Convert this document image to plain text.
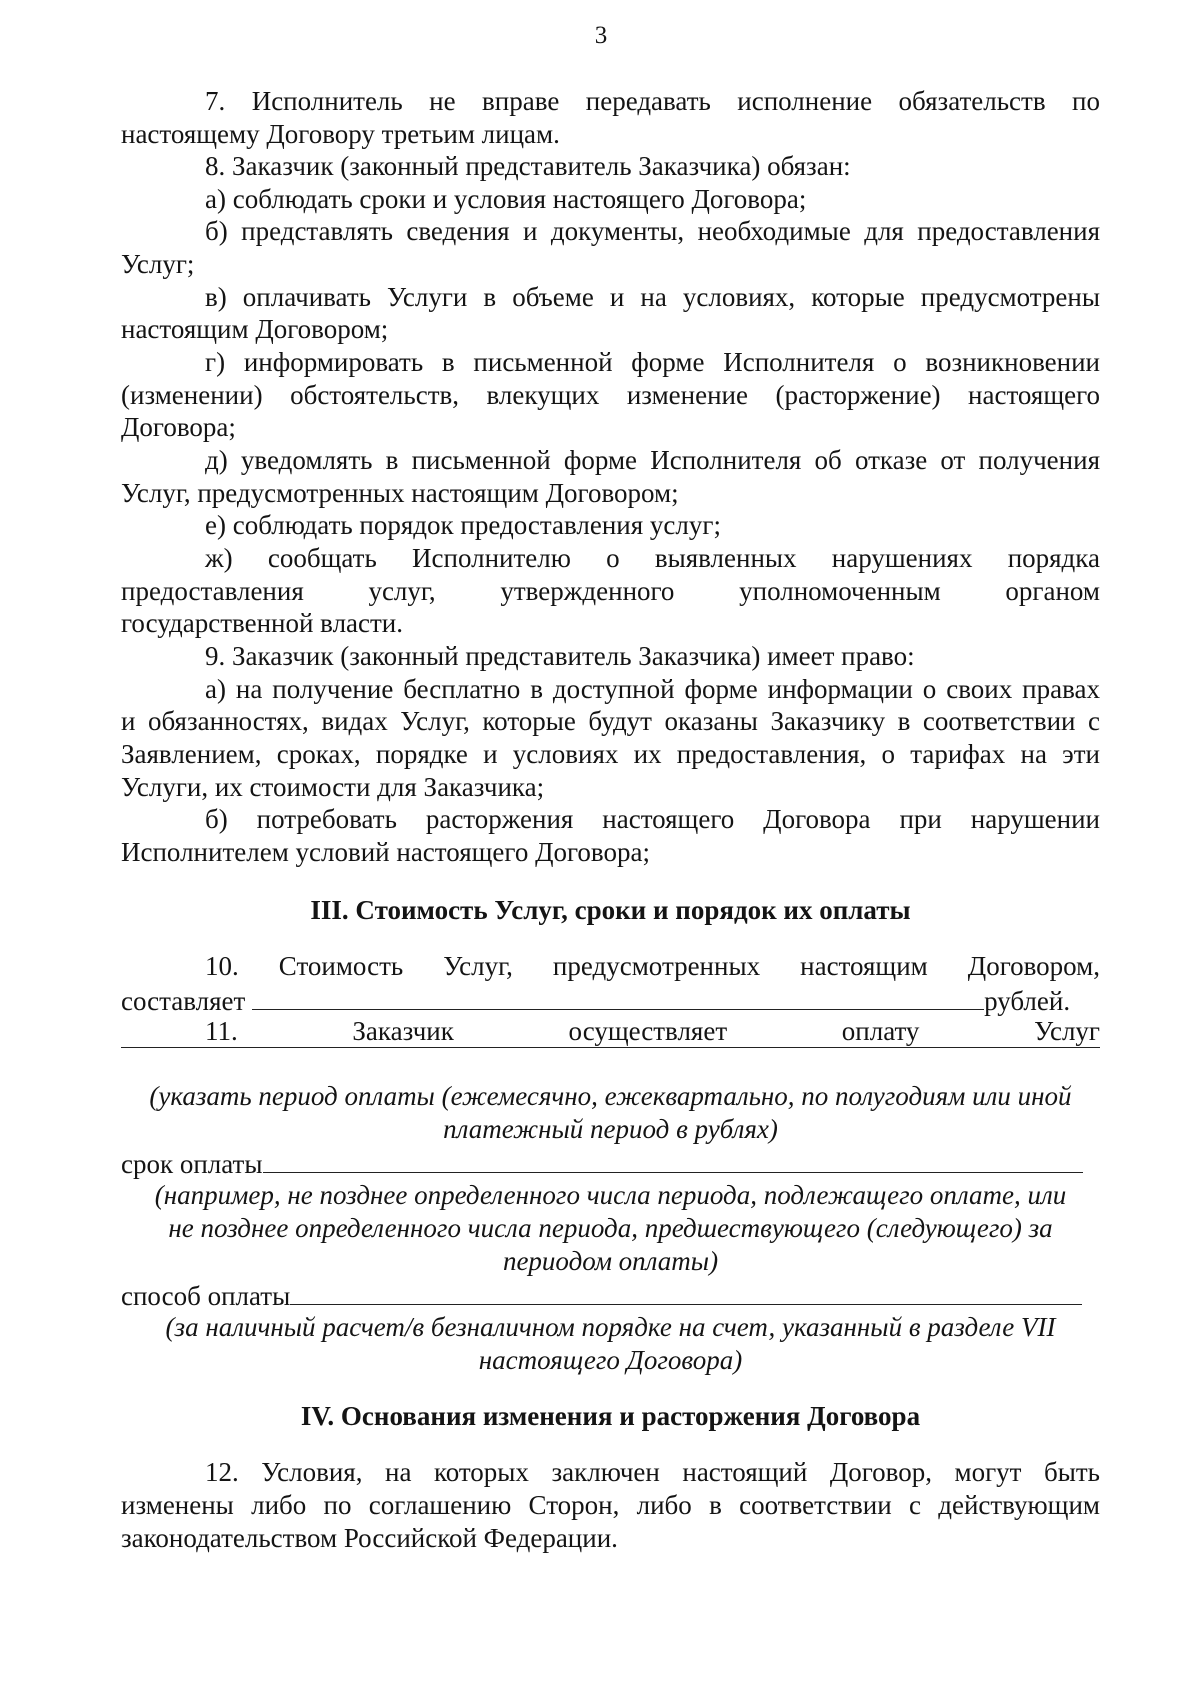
3
7. Исполнитель не вправе передавать исполнение обязательств по
настоящему Договору третьим лицам.
8. Заказчик (законный представитель Заказчика) обязан:
а) соблюдать сроки и условия настоящего Договора;
б) представлять сведения и документы, необходимые для предоставления
Услуг;
в) оплачивать Услуги в объеме и на условиях, которые предусмотрены
настоящим Договором;
г) информировать в письменной форме Исполнителя о возникновении
(изменении) обстоятельств, влекущих изменение (расторжение) настоящего
Договора;
д) уведомлять в письменной форме Исполнителя об отказе от получения
Услуг, предусмотренных настоящим Договором;
е) соблюдать порядок предоставления услуг;
ж) сообщать Исполнителю о выявленных нарушениях порядка
предоставления услуг, утвержденного уполномоченным органом
государственной власти.
9. Заказчик (законный представитель Заказчика) имеет право:
а) на получение бесплатно в доступной форме информации о своих правах
и обязанностях, видах Услуг, которые будут оказаны Заказчику в соответствии с
Заявлением, сроках, порядке и условиях их предоставления, о тарифах на эти
Услуги, их стоимости для Заказчика;
б) потребовать расторжения настоящего Договора при нарушении
Исполнителем условий настоящего Договора;
III. Стоимость Услуг, сроки и порядок их оплаты
10. Стоимость Услуг, предусмотренных настоящим Договором,
составляет	рублей.
11. Заказчик осуществляет оплату Услуг
(указать период оплаты (ежемесячно, ежеквартально, по полугодиям или иной
платежный период в рублях)
срок оплаты
(например, не позднее определенного числа периода, подлежащего оплате, или
не позднее определенного числа периода, предшествующего (следующего) за
периодом оплаты)
способ оплаты
(за наличный расчет/в безналичном порядке на счет, указанный в разделе VII
настоящего Договора)
IV. Основания изменения и расторжения Договора
12. Условия, на которых заключен настоящий Договор, могут быть
изменены либо по соглашению Сторон, либо в соответствии с действующим
законодательством Российской Федерации.
